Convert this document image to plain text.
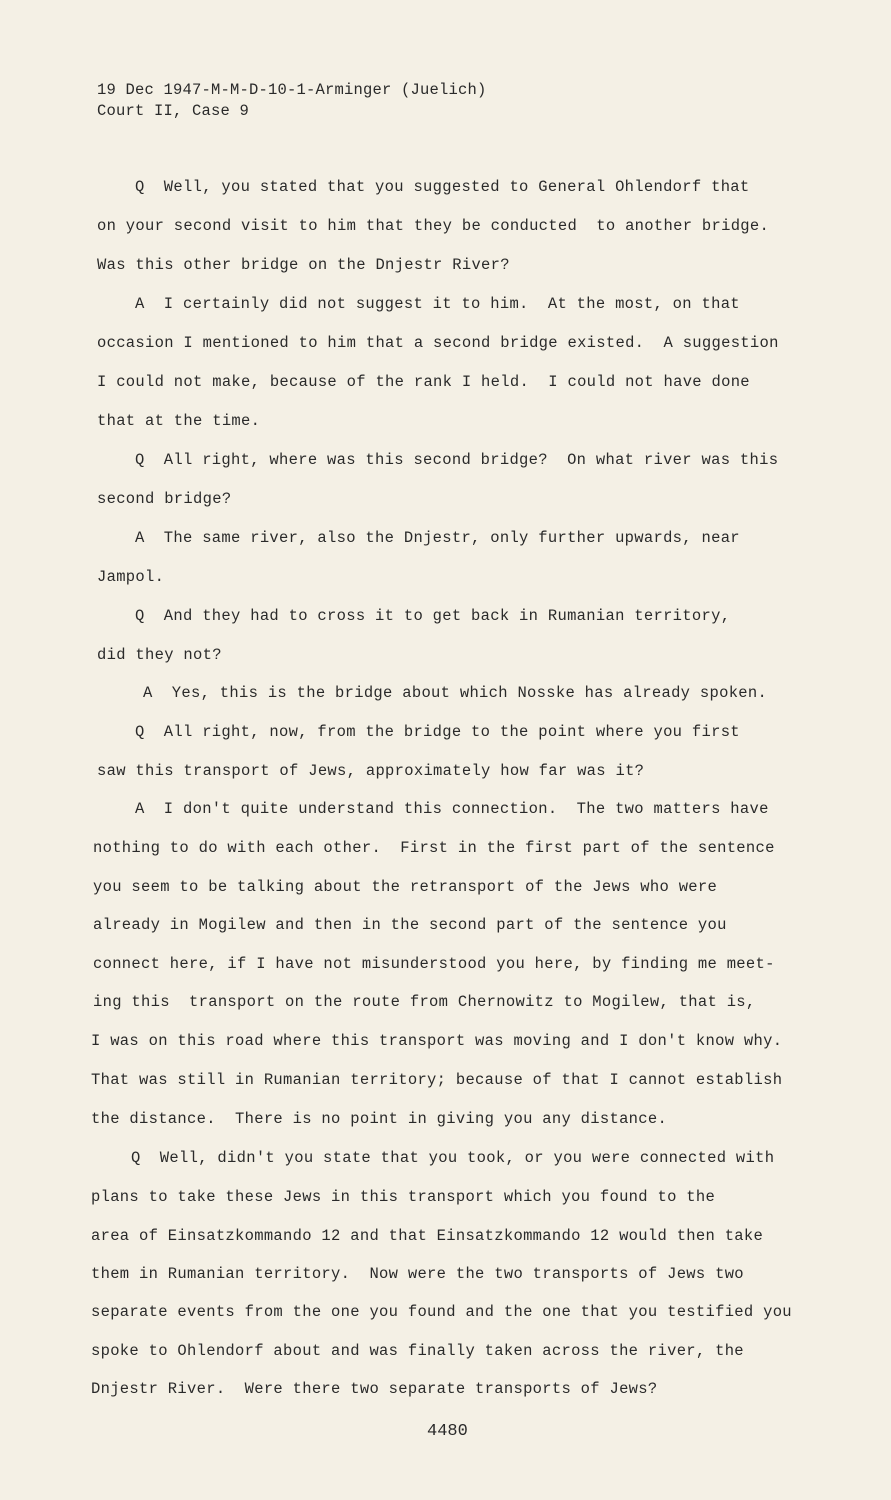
19 Dec 1947-M-M-D-10-1-Arminger (Juelich)
Court II, Case 9
Q  Well, you stated that you suggested to General Ohlendorf that
on your second visit to him that they be conducted  to another bridge.
Was this other bridge on the Dnjestr River?
A  I certainly did not suggest it to him.  At the most, on that
occasion I mentioned to him that a second bridge existed.  A suggestion
I could not make, because of the rank I held.  I could not have done
that at the time.
Q  All right, where was this second bridge?  On what river was this
second bridge?
A  The same river, also the Dnjestr, only further upwards, near
Jampol.
Q  And they had to cross it to get back in Rumanian territory,
did they not?
A  Yes, this is the bridge about which Nosske has already spoken.
Q  All right, now, from the bridge to the point where you first
saw this transport of Jews, approximately how far was it?
A  I don't quite understand this connection.  The two matters have
nothing to do with each other.  First in the first part of the sentence
you seem to be talking about the retransport of the Jews who were
already in Mogilew and then in the second part of the sentence you
connect here, if I have not misunderstood you here, by finding me meet-
ing this  transport on the route from Chernowitz to Mogilew, that is,
I was on this road where this transport was moving and I don't know why.
That was still in Rumanian territory; because of that I cannot establish
the distance.  There is no point in giving you any distance.
Q  Well, didn't you state that you took, or you were connected with
plans to take these Jews in this transport which you found to the
area of Einsatzkommando 12 and that Einsatzkommando 12 would then take
them in Rumanian territory.  Now were the two transports of Jews two
separate events from the one you found and the one that you testified you
spoke to Ohlendorf about and was finally taken across the river, the
Dnjestr River.  Were there two separate transports of Jews?
4480
